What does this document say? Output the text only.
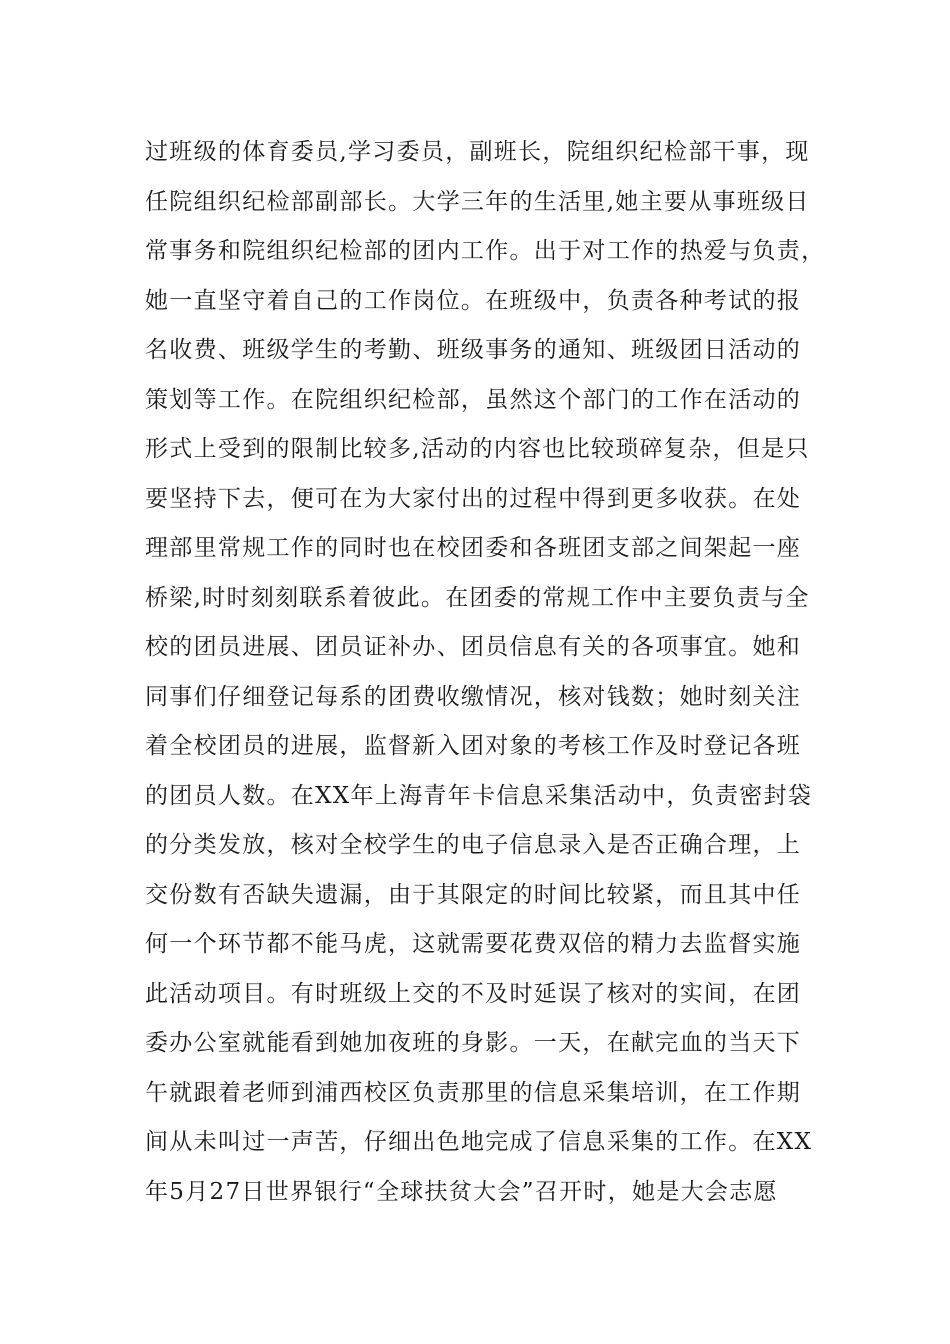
过班级的体育委员,学习委员，副班长，院组织纪检部干事，现
任院组织纪检部副部长。大学三年的生活里,她主要从事班级日
常事务和院组织纪检部的团内工作。出于对工作的热爱与负责，
她一直坚守着自己的工作岗位。在班级中，负责各种考试的报
名收费、班级学生的考勤、班级事务的通知、班级团日活动的
策划等工作。在院组织纪检部，虽然这个部门的工作在活动的
形式上受到的限制比较多,活动的内容也比较琐碎复杂，但是只
要坚持下去，便可在为大家付出的过程中得到更多收获。在处
理部里常规工作的同时也在校团委和各班团支部之间架起一座
桥梁,时时刻刻联系着彼此。在团委的常规工作中主要负责与全
校的团员进展、团员证补办、团员信息有关的各项事宜。她和
同事们仔细登记每系的团费收缴情况，核对钱数；她时刻关注
着全校团员的进展，监督新入团对象的考核工作及时登记各班
的团员人数。在XX年上海青年卡信息采集活动中，负责密封袋
的分类发放，核对全校学生的电子信息录入是否正确合理，上
交份数有否缺失遗漏，由于其限定的时间比较紧，而且其中任
何一个环节都不能马虎，这就需要花费双倍的精力去监督实施
此活动项目。有时班级上交的不及时延误了核对的实间，在团
委办公室就能看到她加夜班的身影。一天，在献完血的当天下
午就跟着老师到浦西校区负责那里的信息采集培训，在工作期
间从未叫过一声苦，仔细出色地完成了信息采集的工作。在XX
年5月27日世界银行“全球扶贫大会”召开时，她是大会志愿
